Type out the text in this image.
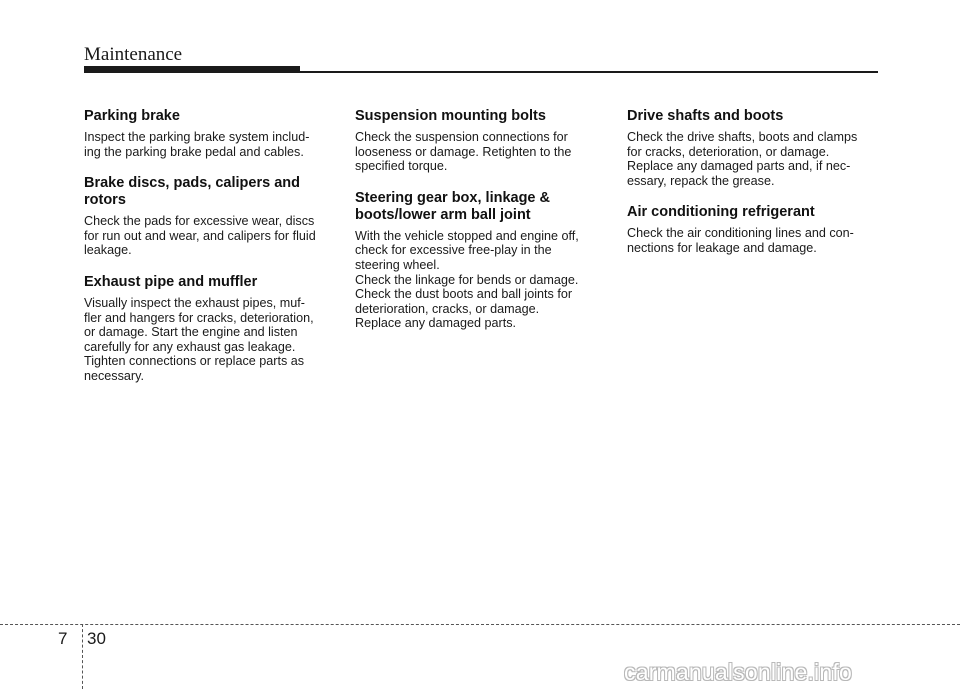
Maintenance
Parking brake

Inspect the parking brake system includ-
ing the parking brake pedal and cables.

Brake discs, pads, calipers and
rotors

Check the pads for excessive wear, discs
for run out and wear, and calipers for fluid
leakage.

Exhaust pipe and muffler

Visually inspect the exhaust pipes, muf-
fler and hangers for cracks, deterioration,
or damage. Start the engine and listen
carefully for any exhaust gas leakage.
Tighten connections or replace parts as
necessary.

Suspension mounting bolts

Check the suspension connections for
looseness or damage. Retighten to the
specified torque.

Steering gear box, linkage &
boots/lower arm ball joint

With the vehicle stopped and engine off,
check for excessive free-play in the
steering wheel.
Check the linkage for bends or damage.
Check the dust boots and ball joints for
deterioration, cracks, or damage.
Replace any damaged parts.

Drive shafts and boots

Check the drive shafts, boots and clamps
for cracks, deterioration, or damage.
Replace any damaged parts and, if nec-
essary, repack the grease.

Air conditioning refrigerant

Check the air conditioning lines and con-
nections for leakage and damage.

7 30
carmanualsonline.info
